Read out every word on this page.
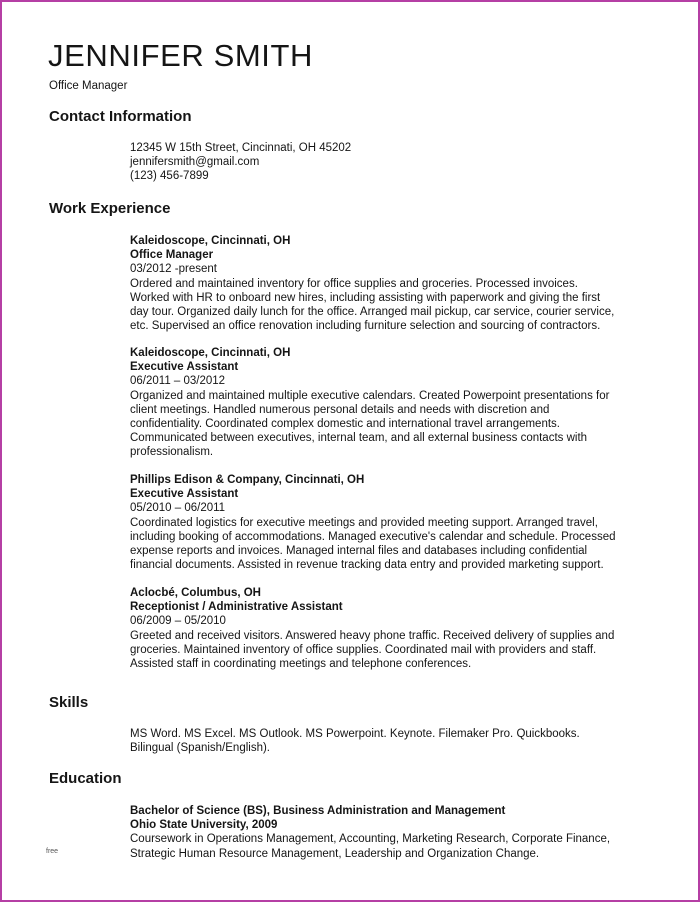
JENNIFER SMITH
Office Manager
Contact Information
12345 W 15th Street, Cincinnati, OH 45202
jennifersmith@gmail.com
(123) 456-7899
Work Experience
Kaleidoscope, Cincinnati, OH
Office Manager
03/2012 -present
Ordered and maintained inventory for office supplies and groceries. Processed invoices.
Worked with HR to onboard new hires, including assisting with paperwork and giving the first
day tour. Organized daily lunch for the office. Arranged mail pickup, car service, courier service,
etc. Supervised an office renovation including furniture selection and sourcing of contractors.
Kaleidoscope, Cincinnati, OH
Executive Assistant
06/2011 – 03/2012
Organized and maintained multiple executive calendars. Created Powerpoint presentations for
client meetings. Handled numerous personal details and needs with discretion and
confidentiality. Coordinated complex domestic and international travel arrangements.
Communicated between executives, internal team, and all external business contacts with
professionalism.
Phillips Edison & Company, Cincinnati, OH
Executive Assistant
05/2010 – 06/2011
Coordinated logistics for executive meetings and provided meeting support. Arranged travel,
including booking of accommodations. Managed executive's calendar and schedule. Processed
expense reports and invoices. Managed internal files and databases including confidential
financial documents. Assisted in revenue tracking data entry and provided marketing support.
Aclocbé, Columbus, OH
Receptionist / Administrative Assistant
06/2009 – 05/2010
Greeted and received visitors. Answered heavy phone traffic. Received delivery of supplies and
groceries. Maintained inventory of office supplies. Coordinated mail with providers and staff.
Assisted staff in coordinating meetings and telephone conferences.
Skills
MS Word. MS Excel. MS Outlook. MS Powerpoint. Keynote. Filemaker Pro. Quickbooks.
Bilingual (Spanish/English).
Education
Bachelor of Science (BS), Business Administration and Management
Ohio State University, 2009
Coursework in Operations Management, Accounting, Marketing Research, Corporate Finance,
Strategic Human Resource Management, Leadership and Organization Change.
free
